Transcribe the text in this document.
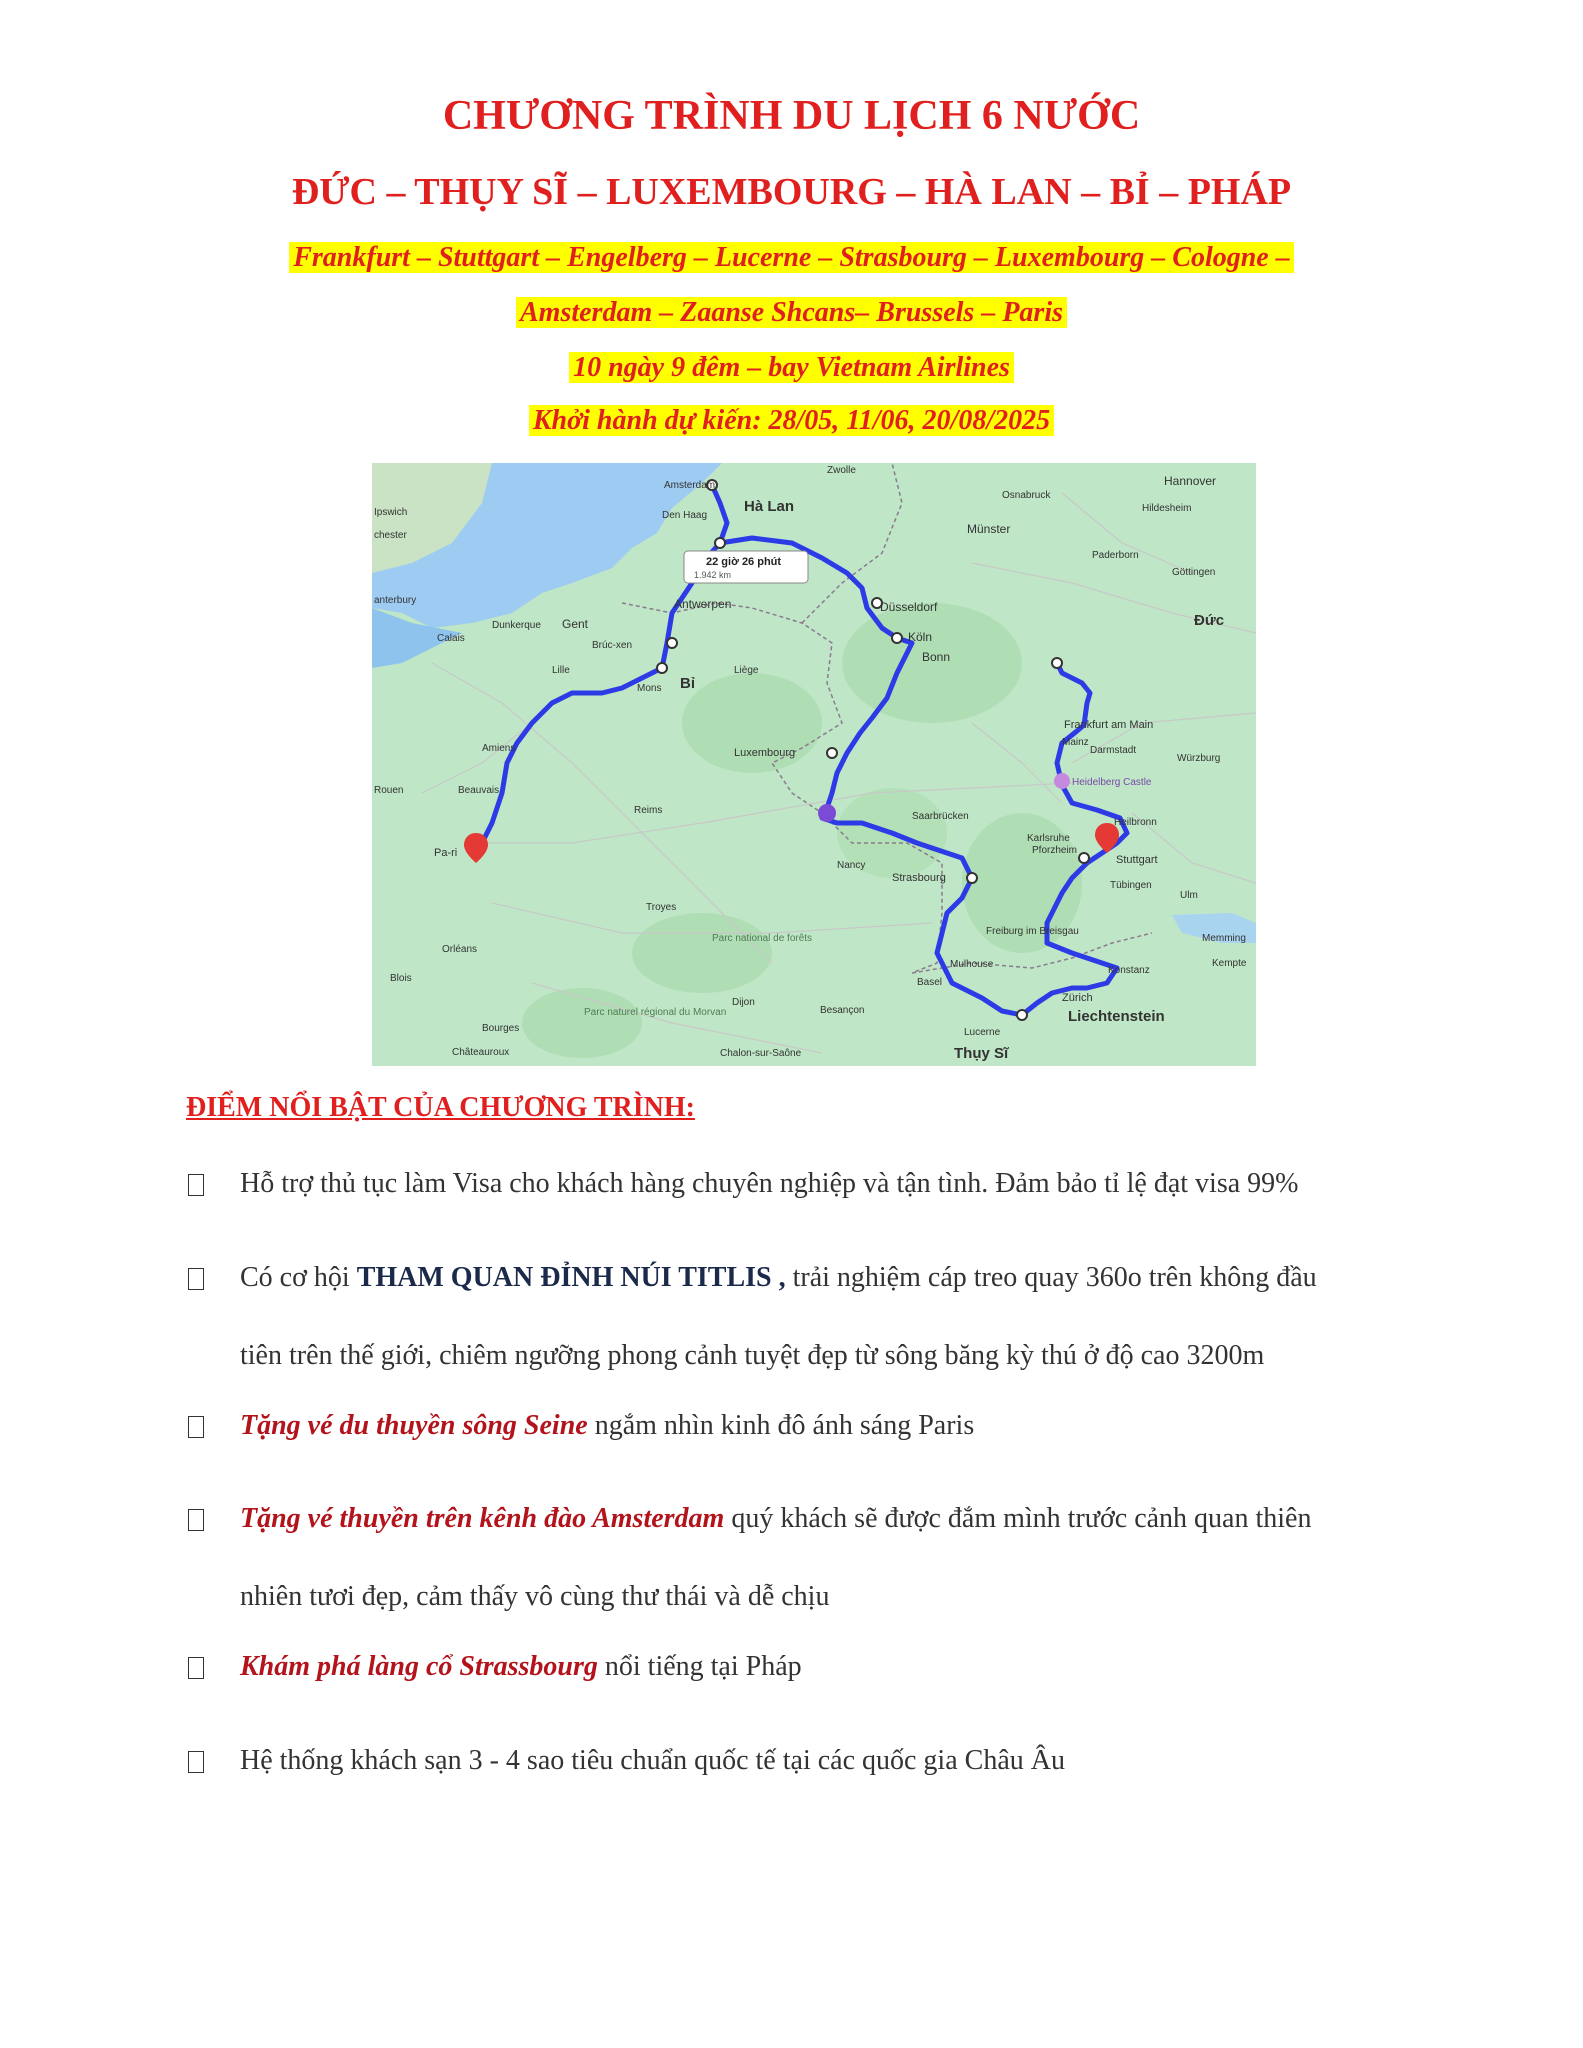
CHƯƠNG TRÌNH DU LỊCH 6 NƯỚC
ĐỨC – THỤY SĨ – LUXEMBOURG – HÀ LAN – BỈ – PHÁP
Frankfurt – Stuttgart – Engelberg – Lucerne – Strasbourg – Luxembourg – Cologne –
Amsterdam – Zaanse Shcans– Brussels – Paris
10 ngày 9 đêm – bay Vietnam Airlines
Khởi hành dự kiến: 28/05, 11/06, 20/08/2025
22 giờ 26 phút
1.942 km
Hà Lan
Đức
Bỉ
Thụy Sĩ
Liechtenstein
Amsterdam
Den Haag
Zwolle
Osnabruck
Hannover
Münster
Hildesheim
Paderborn
Göttingen
Antwerpen	Düsseldorf
Köln
Bonn
Gent
Dunkerque
Calais
Brúc-xen
Lille
Mons
Liège
Frankfurt am Main
Mainz
Darmstadt
Würzburg
Heidelberg Castle
Luxembourg
Amiens
Beauvais
Reims
Saarbrücken
Karlsruhe
Heilbronn
Pforzheim
Stuttgart
Pa-ri
Nancy
Strasbourg
Tübingen
Ulm
Troyes
Parc national de forêts
Freiburg im Breisgau
Memming
Orléans
Mulhouse	Kempte
Basel
Konstanz
Blois
Dijon
Besançon
Zürich
Parc naturel régional du Morvan
Bourges	Lucerne
Châteauroux	Chalon-sur-Saône
Ipswich
chester
anterbury
Rouen
ĐIỂM NỔI BẬT CỦA CHƯƠNG TRÌNH:
Hỗ trợ thủ tục làm Visa cho khách hàng chuyên nghiệp và tận tình. Đảm bảo tỉ lệ đạt visa 99%
Có cơ hội THAM QUAN ĐỈNH NÚI TITLIS , trải nghiệm cáp treo quay 360o trên không đầu
tiên trên thế giới, chiêm ngưỡng phong cảnh tuyệt đẹp từ sông băng kỳ thú ở độ cao 3200m
Tặng vé du thuyền sông Seine ngắm nhìn kinh đô ánh sáng Paris
Tặng vé thuyền trên kênh đào Amsterdam quý khách sẽ được đắm mình trước cảnh quan thiên
nhiên tươi đẹp, cảm thấy vô cùng thư thái và dễ chịu
Khám phá làng cổ Strassbourg nổi tiếng tại Pháp
Hệ thống khách sạn 3 - 4 sao tiêu chuẩn quốc tế tại các quốc gia Châu Âu
